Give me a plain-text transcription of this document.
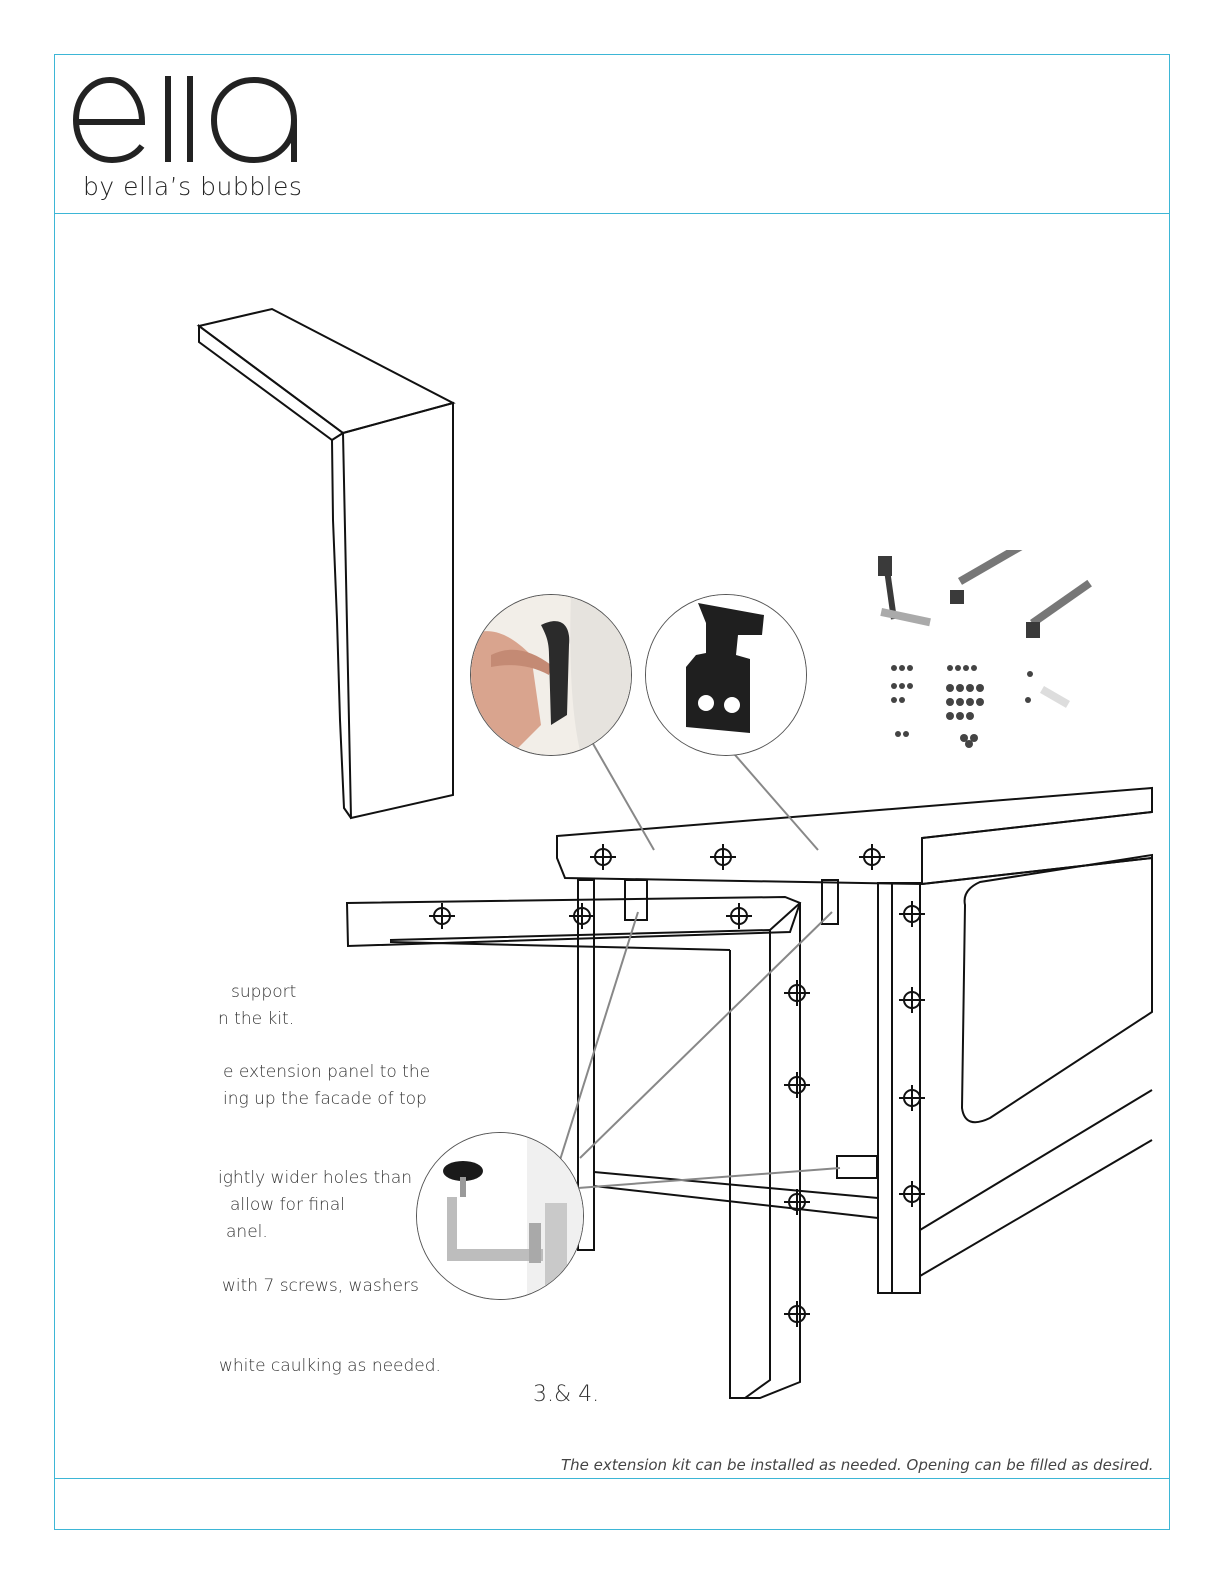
by ella’s bubbles
support
n the kit.
e extension panel to the
ing up the facade of top
ightly wider holes than
allow for final
anel.
with 7 screws, washers
white caulking as needed.
3.& 4.
The extension kit can be installed as needed. Opening can be filled as desired.
